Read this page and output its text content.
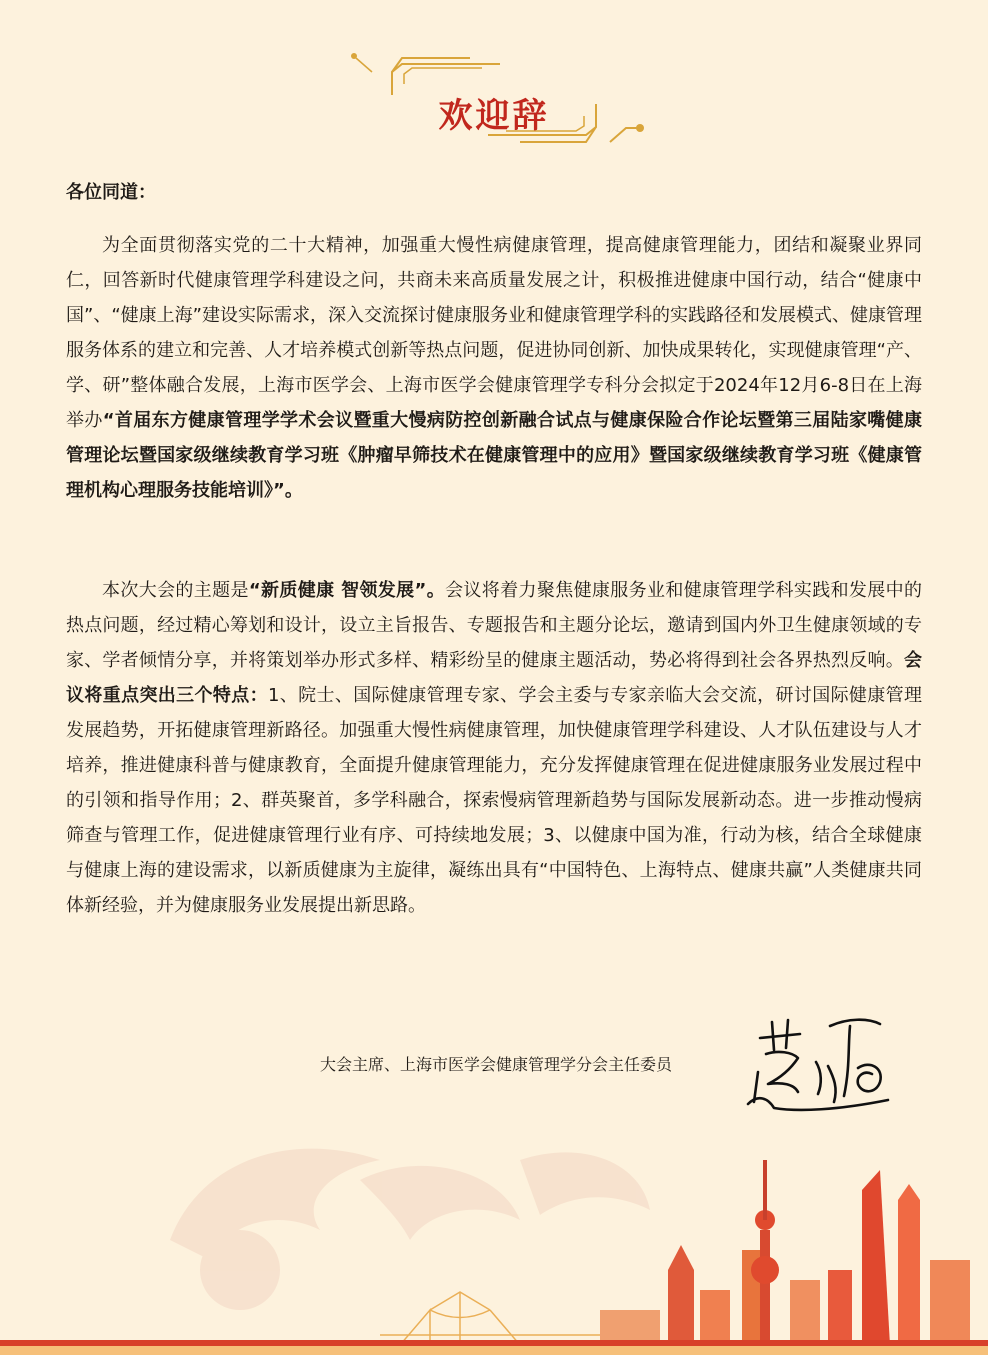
欢迎辞
各位同道：

为全面贯彻落实党的二十大精神，加强重大慢性病健康管理，提高健康管理能力，团结和凝聚业界同仁，回答新时代健康管理学科建设之问，共商未来高质量发展之计，积极推进健康中国行动，结合“健康中国”、“健康上海”建设实际需求，深入交流探讨健康服务业和健康管理学科的实践路径和发展模式、健康管理服务体系的建立和完善、人才培养模式创新等热点问题，促进协同创新、加快成果转化，实现健康管理“产、学、研”整体融合发展，上海市医学会、上海市医学会健康管理学专科分会拟定于2024年12月6-8日在上海举办“首届东方健康管理学学术会议暨重大慢病防控创新融合试点与健康保险合作论坛暨第三届陆家嘴健康管理论坛暨国家级继续教育学习班《肿瘤早筛技术在健康管理中的应用》暨国家级继续教育学习班《健康管理机构心理服务技能培训》”。

本次大会的主题是“新质健康 智领发展”。会议将着力聚焦健康服务业和健康管理学科实践和发展中的热点问题，经过精心筹划和设计，设立主旨报告、专题报告和主题分论坛，邀请到国内外卫生健康领域的专家、学者倾情分享，并将策划举办形式多样、精彩纷呈的健康主题活动，势必将得到社会各界热烈反响。会议将重点突出三个特点：1、院士、国际健康管理专家、学会主委与专家亲临大会交流，研讨国际健康管理发展趋势，开拓健康管理新路径。加强重大慢性病健康管理，加快健康管理学科建设、人才队伍建设与人才培养，推进健康科普与健康教育，全面提升健康管理能力，充分发挥健康管理在促进健康服务业发展过程中的引领和指导作用；2、群英聚首，多学科融合，探索慢病管理新趋势与国际发展新动态。进一步推动慢病筛查与管理工作，促进健康管理行业有序、可持续地发展；3、以健康中国为准，行动为核，结合全球健康与健康上海的建设需求，以新质健康为主旋律，凝练出具有“中国特色、上海特点、健康共赢”人类健康共同体新经验，并为健康服务业发展提出新思路。

大会主席、上海市医学会健康管理学分会主任委员
